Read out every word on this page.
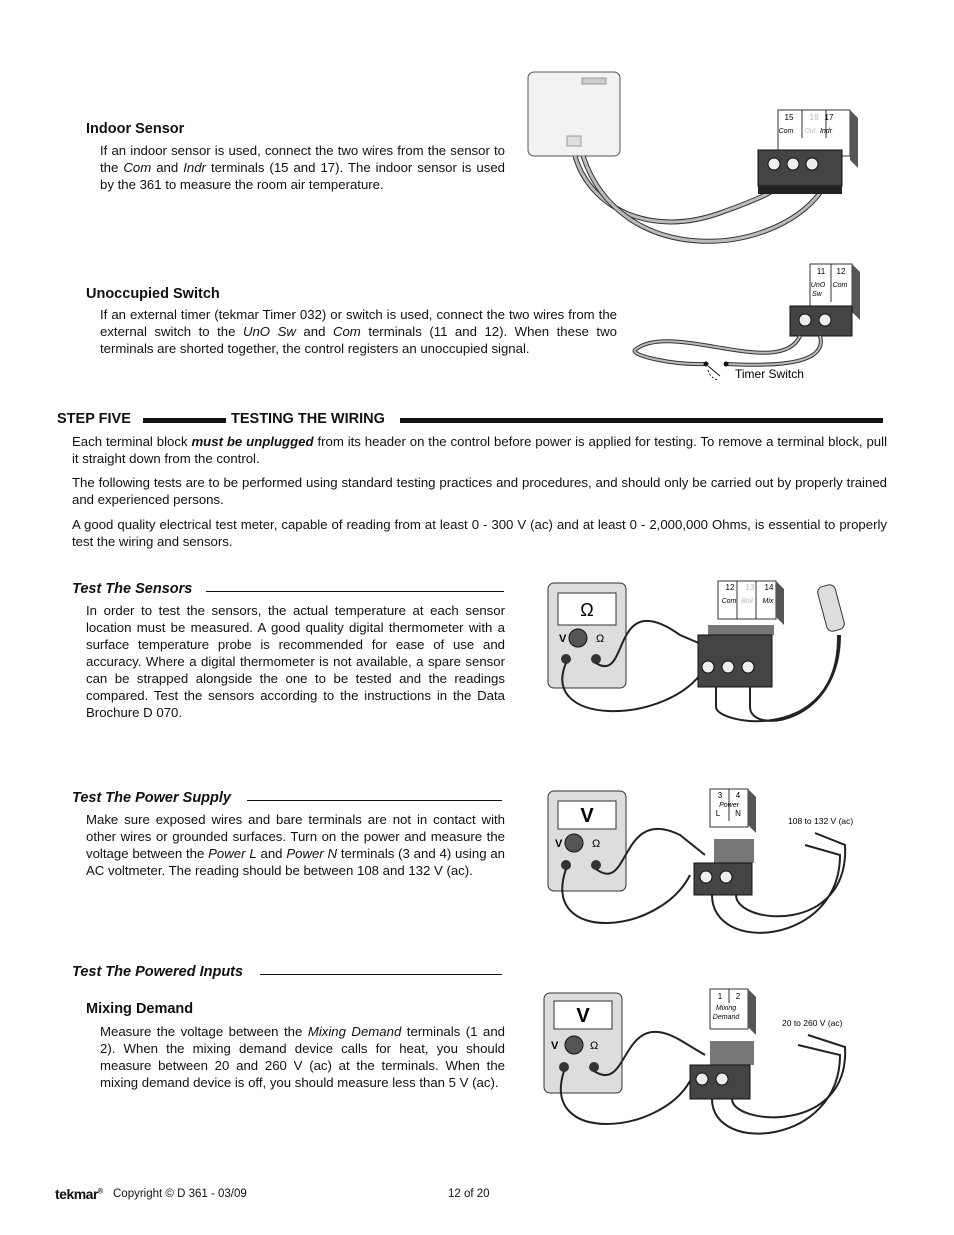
Indoor Sensor
If an indoor sensor is used, connect the two wires from the sensor to the Com and Indr terminals (15 and 17). The indoor sensor is used by the 361 to measure the room air temperature.
15 16 17
Com Out Indr
Unoccupied Switch
If an external timer (tekmar Timer 032) or switch is used, connect the two wires from the external switch to the UnO Sw and Com terminals (11 and 12). When these two terminals are shorted together, the control registers an unoccupied signal.
11 12
UnO
Sw
Com
Timer Switch
STEP FIVE	TESTING THE WIRING
Each terminal block must be unplugged from its header on the control before power is applied for testing. To remove a terminal block, pull it straight down from the control.
The following tests are to be performed using standard testing practices and procedures, and should only be carried out by properly trained and experienced persons.
A good quality electrical test meter, capable of reading from at least 0 - 300 V (ac) and at least 0 - 2,000,000 Ohms, is essential to properly test the wiring and sensors.
Test The Sensors
In order to test the sensors, the actual temperature at each sensor location must be measured. A good quality digital thermometer with a surface temperature probe is recommended for ease of use and accuracy. Where a digital thermometer is not available, a spare sensor can be strapped alongside the one to be tested and the readings compared. Test the sensors according to the instructions in the Data Brochure D 070.
Ω
V	Ω
12 13 14
Com Boil Mix
Test The Power Supply
Make sure exposed wires and bare terminals are not in contact with other wires or grounded surfaces. Turn on the power and measure the voltage between the Power L and Power N terminals (3 and 4) using an AC voltmeter. The reading should be between 108 and 132 V (ac).
V
V	Ω
3 4
Power
L N
108 to 132 V (ac)
Test The Powered Inputs
Mixing Demand
Measure the voltage between the Mixing Demand terminals (1 and 2). When the mixing demand device calls for heat, you should measure between 20 and 260 V (ac) at the terminals. When the mixing demand device is off, you should measure less than 5 V (ac).
V
V	Ω
1 2
Mixing
Demand
20 to 260 V (ac)
tekmar® Copyright © D 361 - 03/09	12 of 20
